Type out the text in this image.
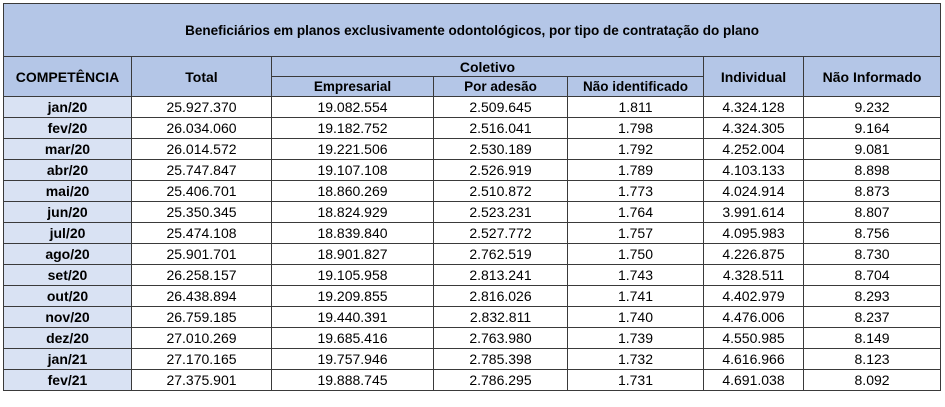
Beneficiários em planos exclusivamente odontológicos, por tipo de contratação do plano						
COMPETÊNCIA	Total	Coletivo			Individual	Não Informado
		Empresarial	Por adesão	Não identificado		
jan/20	25.927.370	19.082.554	2.509.645	1.811	4.324.128	9.232
fev/20	26.034.060	19.182.752	2.516.041	1.798	4.324.305	9.164
mar/20	26.014.572	19.221.506	2.530.189	1.792	4.252.004	9.081
abr/20	25.747.847	19.107.108	2.526.919	1.789	4.103.133	8.898
mai/20	25.406.701	18.860.269	2.510.872	1.773	4.024.914	8.873
jun/20	25.350.345	18.824.929	2.523.231	1.764	3.991.614	8.807
jul/20	25.474.108	18.839.840	2.527.772	1.757	4.095.983	8.756
ago/20	25.901.701	18.901.827	2.762.519	1.750	4.226.875	8.730
set/20	26.258.157	19.105.958	2.813.241	1.743	4.328.511	8.704
out/20	26.438.894	19.209.855	2.816.026	1.741	4.402.979	8.293
nov/20	26.759.185	19.440.391	2.832.811	1.740	4.476.006	8.237
dez/20	27.010.269	19.685.416	2.763.980	1.739	4.550.985	8.149
jan/21	27.170.165	19.757.946	2.785.398	1.732	4.616.966	8.123
fev/21	27.375.901	19.888.745	2.786.295	1.731	4.691.038	8.092
